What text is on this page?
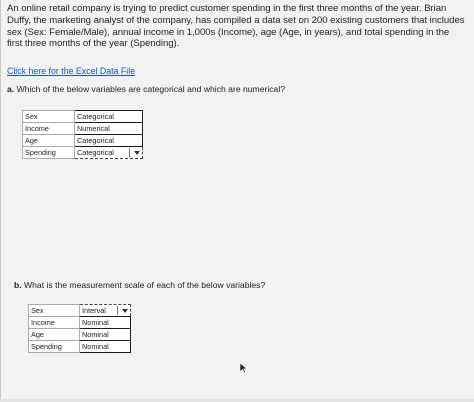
An online retail company is trying to predict customer spending in the first three months of the year. Brian Duffy, the marketing analyst of the company, has compiled a data set on 200 existing customers that includes sex (Sex: Female/Male), annual income in 1,000s (Income), age (Age, in years), and total spending in the first three months of the year (Spending).
Click here for the Excel Data File
a. Which of the below variables are categorical and which are numerical?
Sex	Categorical
Income	Numerical
Age	Categorical
Spending	Categorical
b. What is the measurement scale of each of the below variables?
Sex	Interval

Income	Nominal
Age	Nominal
Spending	Nominal
